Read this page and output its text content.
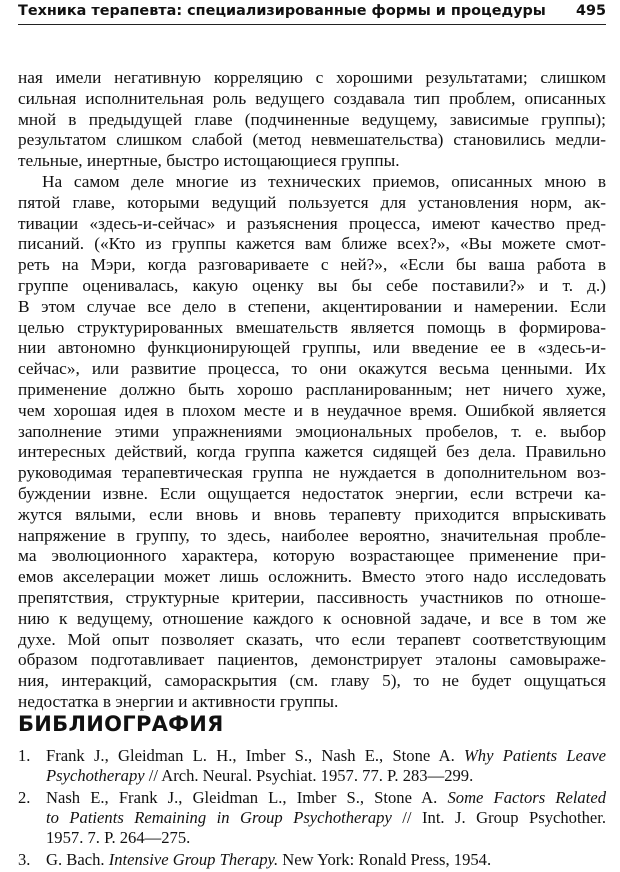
Техника терапевта: специализированные формы и процедуры 495
ная имели негативную корреляцию с хорошими результатами; слишком
сильная исполнительная роль ведущего создавала тип проблем, описанных
мной в предыдущей главе (подчиненные ведущему, зависимые группы);
результатом слишком слабой (метод невмешательства) становились медли-
тельные, инертные, быстро истощающиеся группы.
На самом деле многие из технических приемов, описанных мною в
пятой главе, которыми ведущий пользуется для установления норм, ак-
тивации «здесь-и-сейчас» и разъяснения процесса, имеют качество пред-
писаний. («Кто из группы кажется вам ближе всех?», «Вы можете смот-
реть на Мэри, когда разговариваете с ней?», «Если бы ваша работа в
группе оценивалась, какую оценку вы бы себе поставили?» и т. д.)
В этом случае все дело в степени, акцентировании и намерении. Если
целью структурированных вмешательств является помощь в формирова-
нии автономно функционирующей группы, или введение ее в «здесь-и-
сейчас», или развитие процесса, то они окажутся весьма ценными. Их
применение должно быть хорошо распланированным; нет ничего хуже,
чем хорошая идея в плохом месте и в неудачное время. Ошибкой является
заполнение этими упражнениями эмоциональных пробелов, т. е. выбор
интересных действий, когда группа кажется сидящей без дела. Правильно
руководимая терапевтическая группа не нуждается в дополнительном воз-
буждении извне. Если ощущается недостаток энергии, если встречи ка-
жутся вялыми, если вновь и вновь терапевту приходится впрыскивать
напряжение в группу, то здесь, наиболее вероятно, значительная пробле-
ма эволюционного характера, которую возрастающее применение при-
емов акселерации может лишь осложнить. Вместо этого надо исследовать
препятствия, структурные критерии, пассивность участников по отноше-
нию к ведущему, отношение каждого к основной задаче, и все в том же
духе. Мой опыт позволяет сказать, что если терапевт соответствующим
образом подготавливает пациентов, демонстрирует эталоны самовыраже-
ния, интеракций, самораскрытия (см. главу 5), то не будет ощущаться
недостатка в энергии и активности группы.
БИБЛИОГРАФИЯ
1. Frank J., Gleidman L. H., Imber S., Nash E., Stone A. Why Patients Leave
Psychotherapy // Arch. Neural. Psychiat. 1957. 77. P. 283—299.
2. Nash E., Frank J., Gleidman L., Imber S., Stone A. Some Factors Related
to Patients Remaining in Group Psychotherapy // Int. J. Group Psychother.
1957. 7. P. 264—275.
3. G. Bach. Intensive Group Therapy. New York: Ronald Press, 1954.
